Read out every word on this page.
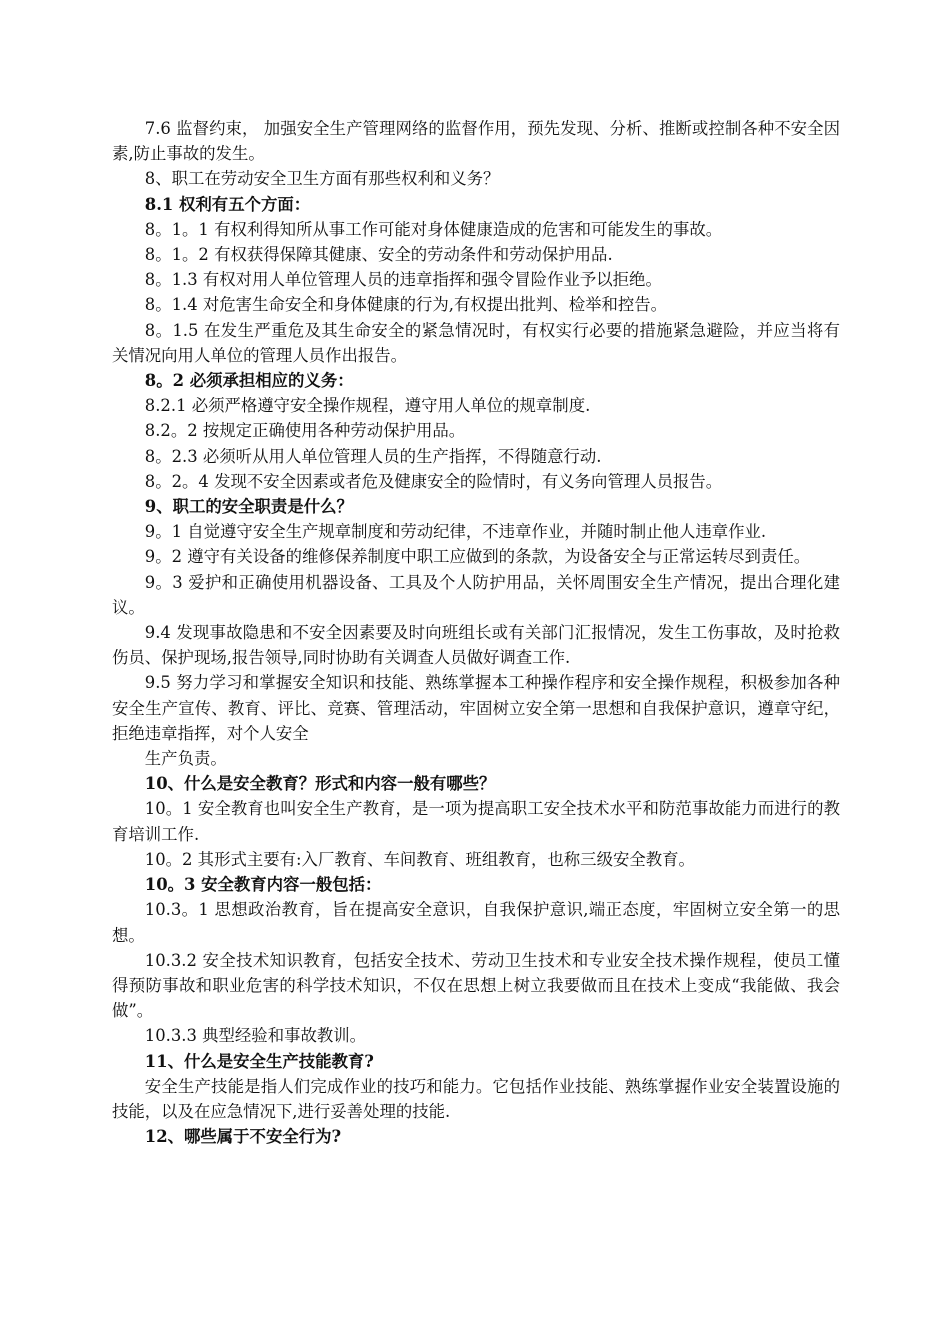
7.6 监督约束， 加强安全生产管理网络的监督作用，预先发现、分析、推断或控制各种不安全因素,防止事故的发生。

8、职工在劳动安全卫生方面有那些权利和义务？

8.1 权利有五个方面：

8。1。1 有权利得知所从事工作可能对身体健康造成的危害和可能发生的事故。

8。1。2 有权获得保障其健康、安全的劳动条件和劳动保护用品.

8。1.3 有权对用人单位管理人员的违章指挥和强令冒险作业予以拒绝。

8。1.4 对危害生命安全和身体健康的行为,有权提出批判、检举和控告。

8。1.5 在发生严重危及其生命安全的紧急情况时，有权实行必要的措施紧急避险，并应当将有关情况向用人单位的管理人员作出报告。

8。2 必须承担相应的义务：

8.2.1 必须严格遵守安全操作规程，遵守用人单位的规章制度.

8.2。2 按规定正确使用各种劳动保护用品。

8。2.3 必须听从用人单位管理人员的生产指挥，不得随意行动.

8。2。4 发现不安全因素或者危及健康安全的险情时，有义务向管理人员报告。

9、职工的安全职责是什么？

9。1 自觉遵守安全生产规章制度和劳动纪律，不违章作业，并随时制止他人违章作业.

9。2 遵守有关设备的维修保养制度中职工应做到的条款，为设备安全与正常运转尽到责任。

9。3 爱护和正确使用机器设备、工具及个人防护用品，关怀周围安全生产情况，提出合理化建议。

9.4 发现事故隐患和不安全因素要及时向班组长或有关部门汇报情况，发生工伤事故，及时抢救伤员、保护现场,报告领导,同时协助有关调查人员做好调查工作.

9.5 努力学习和掌握安全知识和技能、熟练掌握本工种操作程序和安全操作规程，积极参加各种安全生产宣传、教育、评比、竞赛、管理活动，牢固树立安全第一思想和自我保护意识，遵章守纪，拒绝违章指挥，对个人安全

生产负责。

10、什么是安全教育？形式和内容一般有哪些？

10。1 安全教育也叫安全生产教育，是一项为提高职工安全技术水平和防范事故能力而进行的教育培训工作.

10。2 其形式主要有:入厂教育、车间教育、班组教育，也称三级安全教育。

10。3 安全教育内容一般包括：

10.3。1 思想政治教育，旨在提高安全意识，自我保护意识,端正态度，牢固树立安全第一的思想。

10.3.2 安全技术知识教育，包括安全技术、劳动卫生技术和专业安全技术操作规程，使员工懂得预防事故和职业危害的科学技术知识，不仅在思想上树立我要做而且在技术上变成“我能做、我会做”。

10.3.3 典型经验和事故教训。

11、什么是安全生产技能教育?

安全生产技能是指人们完成作业的技巧和能力。它包括作业技能、熟练掌握作业安全装置设施的技能，以及在应急情况下,进行妥善处理的技能.

12、哪些属于不安全行为?
